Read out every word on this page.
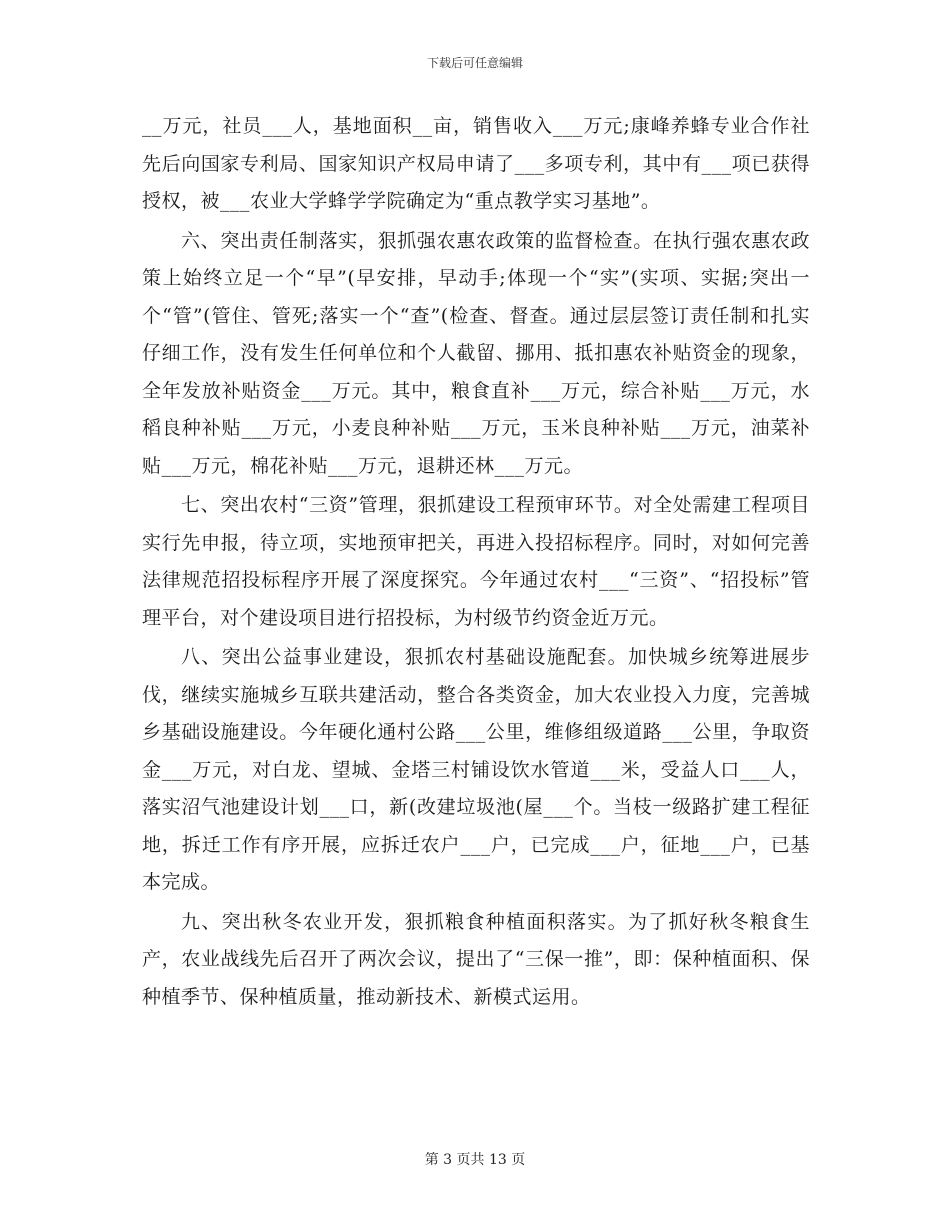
下载后可任意编辑

__万元，社员___人，基地面积__亩，销售收入___万元;康峰养蜂专业合作社先后向国家专利局、国家知识产权局申请了___多项专利，其中有___项已获得授权，被___农业大学蜂学学院确定为“重点教学实习基地”。

六、突出责任制落实，狠抓强农惠农政策的监督检查。在执行强农惠农政策上始终立足一个“早”(早安排，早动手;体现一个“实”(实项、实据;突出一个“管”(管住、管死;落实一个“查”(检查、督查。通过层层签订责任制和扎实仔细工作，没有发生任何单位和个人截留、挪用、抵扣惠农补贴资金的现象，全年发放补贴资金___万元。其中，粮食直补___万元，综合补贴___万元，水稻良种补贴___万元，小麦良种补贴___万元，玉米良种补贴___万元，油菜补贴___万元，棉花补贴___万元，退耕还林___万元。

七、突出农村“三资”管理，狠抓建设工程预审环节。对全处需建工程项目实行先申报，待立项，实地预审把关，再进入投招标程序。同时，对如何完善法律规范招投标程序开展了深度探究。今年通过农村___“三资”、“招投标”管理平台，对个建设项目进行招投标，为村级节约资金近万元。

八、突出公益事业建设，狠抓农村基础设施配套。加快城乡统筹进展步伐，继续实施城乡互联共建活动，整合各类资金，加大农业投入力度，完善城乡基础设施建设。今年硬化通村公路___公里，维修组级道路___公里，争取资金___万元，对白龙、望城、金塔三村铺设饮水管道___米，受益人口___人，落实沼气池建设计划___口，新(改建垃圾池(屋___个。当枝一级路扩建工程征地，拆迁工作有序开展，应拆迁农户___户，已完成___户，征地___户，已基本完成。

九、突出秋冬农业开发，狠抓粮食种植面积落实。为了抓好秋冬粮食生产，农业战线先后召开了两次会议，提出了“三保一推”，即：保种植面积、保种植季节、保种植质量，推动新技术、新模式运用。

第 3 页共 13 页
